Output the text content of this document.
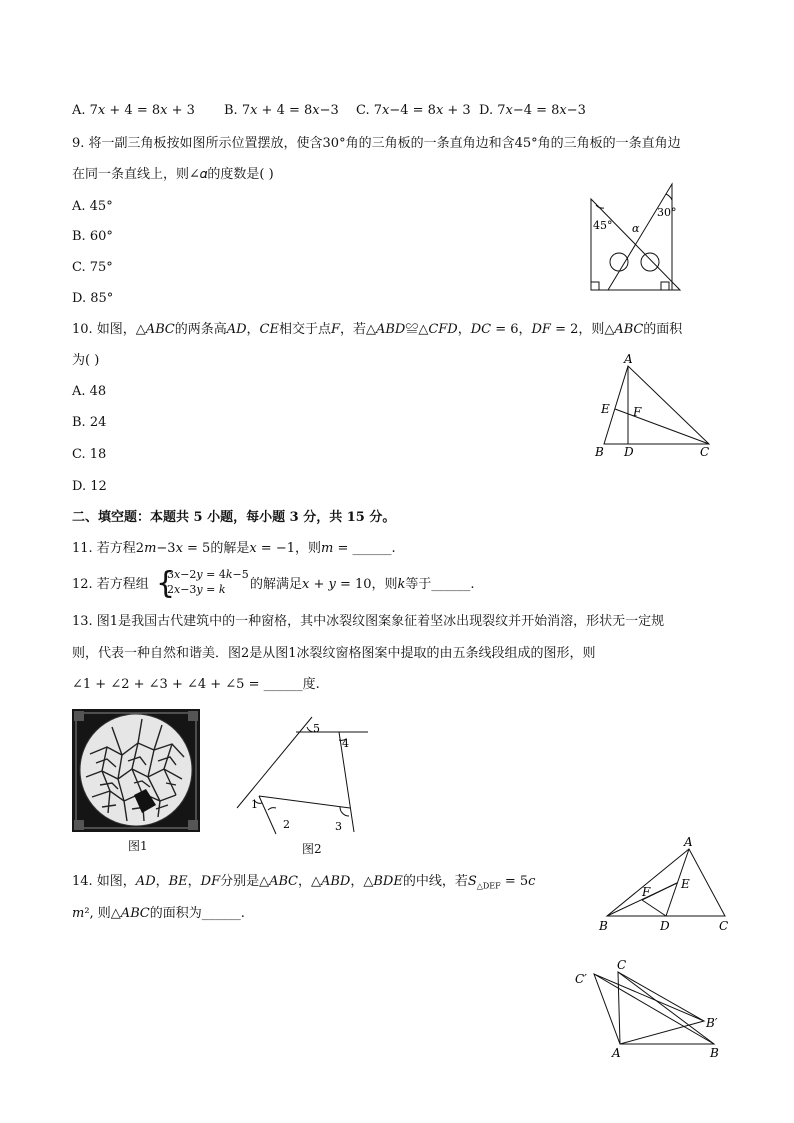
A. 7𝑥 + 4 = 8𝑥 + 3 B. 7𝑥 + 4 = 8𝑥−3 C. 7𝑥−4 = 8𝑥 + 3 D. 7𝑥−4 = 8𝑥−3
9. 将一副三角板按如图所示位置摆放，使含30°角的三角板的一条直角边和含45°角的三角板的一条直角边
在同一条直线上，则∠𝛼的度数是( )
A. 45°
B. 60°
C. 75°
D. 85°
45°
30°
α
10. 如图，△𝐴𝐵𝐶的两条高𝐴𝐷，𝐶𝐸相交于点𝐹，若△𝐴𝐵𝐷≌△𝐶𝐹𝐷，𝐷𝐶 = 6，𝐷𝐹 = 2，则△𝐴𝐵𝐶的面积
为( )
A. 48
B. 24
C. 18
D. 12
A
B D	C
E F
二、填空题：本题共 5 小题，每小题 3 分，共 15 分。
11. 若方程2𝑚−3𝑥 = 5的解是𝑥 = −1，则𝑚 = ______.
12. 若方程组 {
3𝑥−2𝑦 = 4𝑘−5
2𝑥−3𝑦 = 𝑘 的解满足𝑥 + 𝑦 = 10，则𝑘等于______.
13. 图1是我国古代建筑中的一种窗格，其中冰裂纹图案象征着坚冰出现裂纹并开始消溶，形状无一定规
则，代表一种自然和谐美．图2是从图1冰裂纹窗格图案中提取的由五条线段组成的图形，则
∠1 + ∠2 + ∠3 + ∠4 + ∠5 = ______度.
图1
1
2	3
4
5
图2
14. 如图，𝐴𝐷，𝐵𝐸，𝐷𝐹分别是△𝐴𝐵𝐶，△𝐴𝐵𝐷，△𝐵𝐷𝐸的中线，若𝑆$_{\triangle DEF}$ = 5𝑐
𝑚², 则△𝐴𝐵𝐶的面积为______.
A
B	D	C
E
F
A	B
C
C′
B′
